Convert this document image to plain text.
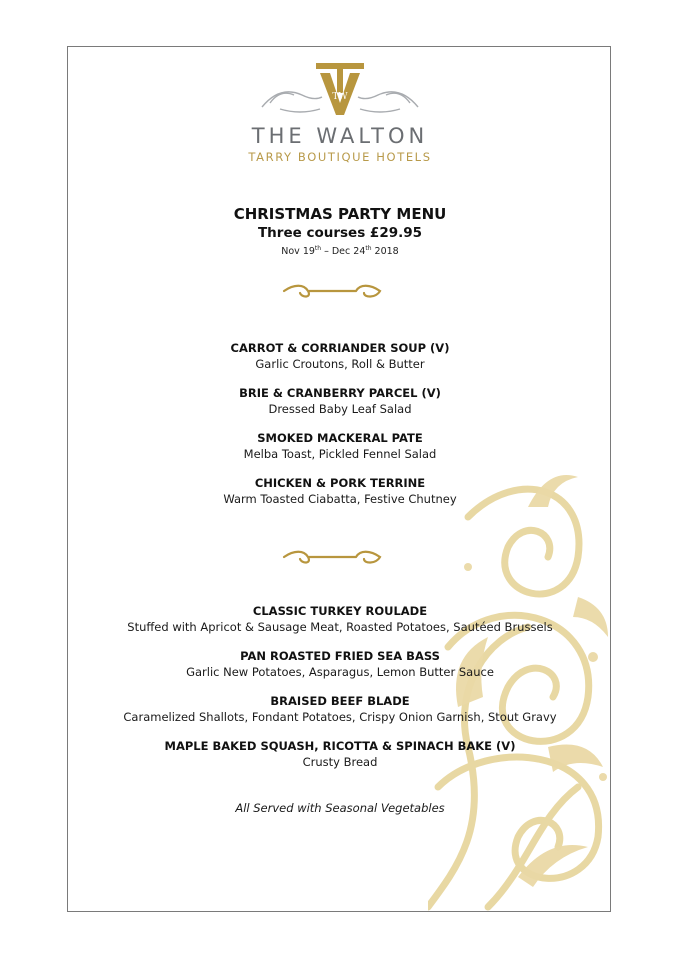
TW
THE WALTON
TARRY BOUTIQUE HOTELS
CHRISTMAS PARTY MENU
Three courses £29.95
Nov 19th – Dec 24th 2018
CARROT & CORRIANDER SOUP (V)
Garlic Croutons, Roll & Butter
BRIE & CRANBERRY PARCEL (V)
Dressed Baby Leaf Salad
SMOKED MACKERAL PATE
Melba Toast, Pickled Fennel Salad
CHICKEN & PORK TERRINE
Warm Toasted Ciabatta, Festive Chutney
CLASSIC TURKEY ROULADE
Stuffed with Apricot & Sausage Meat, Roasted Potatoes, Sautéed Brussels
PAN ROASTED FRIED SEA BASS
Garlic New Potatoes, Asparagus, Lemon Butter Sauce
BRAISED BEEF BLADE
Caramelized Shallots, Fondant Potatoes, Crispy Onion Garnish, Stout Gravy
MAPLE BAKED SQUASH, RICOTTA & SPINACH BAKE (V)
Crusty Bread
All Served with Seasonal Vegetables
